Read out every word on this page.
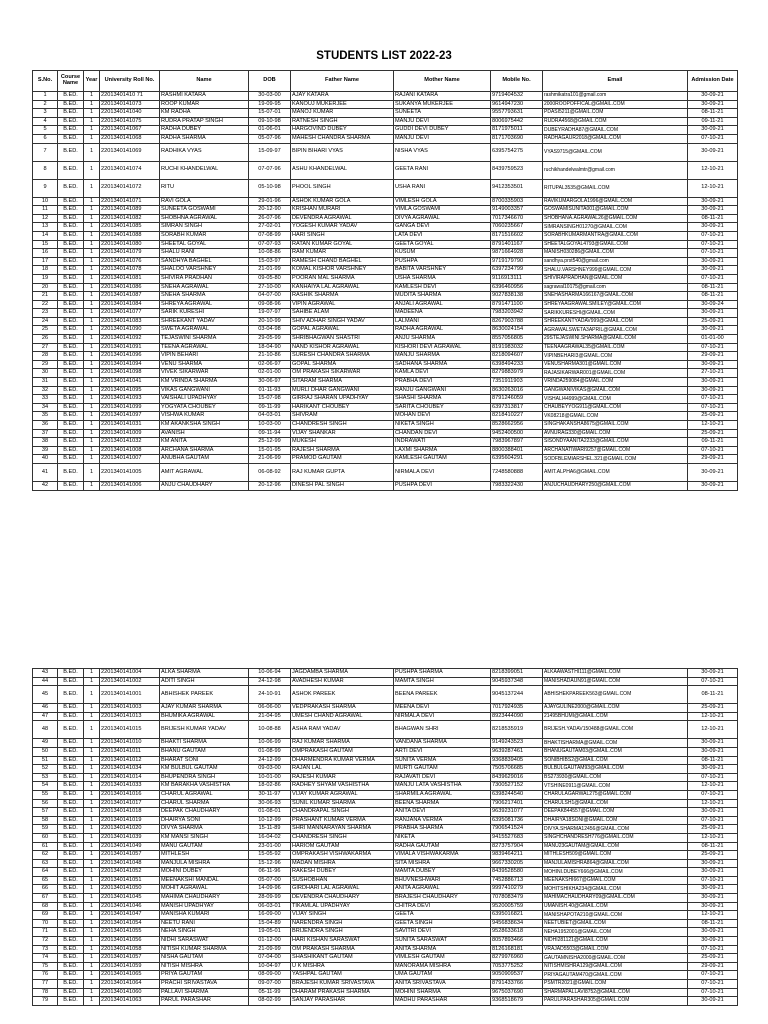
STUDENTS LIST 2022-23
S.No.	Course Name	Year	University Roll No.	Name	DOB	Father Name	Mother Name	Mobile No.	Email	Admission Date
1	B.ED.	1	22013401410 71	RASHMI KATARA	30-03-00	AJAY KATARA	RAJANI KATARA	9719404532	rashmikatra101@gmail.com	30-09-21
2	B.ED.	1	2201340141073	ROOP KUMAR	19-09-95	KANOUJ MUKERJEE	SUKANYA MUKERJEE	9614947230	2000ROOPOFFICAL@GMAIL.COM	30-09-21
3	B.ED.	1	2201340141040	KM RADHA	15-07-01	MANOJ KUMAR	SUNEETA	9557793631	PDASI5211@GMAIL.COM	08-11-21
4	B.ED.	1	2201340141075	RUDRA PRATAP SINGH	09-10-98	RATNESH SINGH	MANJU DEVI	8006975442	RUDRA4568@GMAIL.COM	09-11-21
5	B.ED.	1	2201340141067	RADHA DUBEY	01-06-01	HARGOVIND DUBEY	GUDDI DEVI DUBEY	8171975011	DUBEYRADHA87@GMAIL.COM	30-09-21
6	B.ED.	1	2201340141068	RADHA SHARMA	05-07-96	MAHESH CHANDRA SHARMA	MANJU DEVI	8171703690	RADHAGAUR2018@GMAIL.COM	07-10-21
7	B.ED.	1	2201340141069	RADHIKA VYAS	15-09-97	BIPIN BIHARI VYAS	NISHA VYAS	6395754275	VYAS9715@GMAIL.COM	30-09-21
8	B.ED.	1	2201340141074	RUCHI KHANDELWAL	07-07-96	ASHU KHANDELWAL	GEETA RANI	8439759523	ruchikhandelwalmtr@gmail.com	12-10-21
9	B.ED.	1	2201340141072	RITU	05-10-98	PHOOL SINGH	USHA RANI	9412353501	RITUPAL3535@GMAIL.COM	12-10-21
10	B.ED.	1	2201340141071	RAVI GOLA	29-01-96	ASHOK KUMAR GOLA	VIMLESH GOLA	8700335903	RAVIKUMARGOLA1996@GMAIL.COM	30-09-21
11	B.ED.	1	2201340141089	SUNEETA GOSWAMI	20-12-90	KRISHAN MURARI	VIMLA GOSWAMI	9149003357	GOSWAMISUNITA001@GMAIL.COM	30-09-21
12	B.ED.	1	2201340141082	SHOBHNA AGRAWAL	26-07-96	DEVENDRA AGRAWAL	DIVYA AGRAWAL	7017346670	SHOBHANA.AGRAWAL26@GMAIL.COM	08-11-21
13	B.ED.	1	2201340141085	SIMRAN SINGH	27-02-01	YOGESH KUMAR YADAV	GANGA DEVI	7060235667	SIMRANSINGH01270@GMAIL.COM	30-09-21
14	B.ED.	1	2201340141088	SORABH KUMAR	07-08-99	HARI SINGH	LATA DEVI	8171516602	SORABHKUMARMANTRA@GMAIL.COM	07-10-21
15	B.ED.	1	2201340141080	SHEETAL GOYAL	07-07-93	RATAN KUMAR GOYAL	GEETA GOYAL	8791401167	SHEETALGOYAL4793@GMAIL.COM	07-10-21
16	B.ED.	1	2201340141079	SHALU RANI	10-08-86	RAM KUMAR	KUSUM	9871664928	MANISH030286@GMAIL.COM	07-10-21
17	B.ED.	1	2201340141076	SANDHYA BAGHEL	15-03-97	RAMESH CHAND BAGHEL	PUSHPA	9719179790	sandhya.prst540@gmail.com	30-09-21
18	B.ED.	1	2201340141078	SHALOO VARSHNEY	21-01-99	KOMAL KISHOR VARSHNEY	BABITA VARSHNEY	6397234799	SHALU.VARSHNEY999@GMAIL.COM	30-09-21
19	B.ED.	1	2201340141081	SHIVIRA PRADHAN	09-05-80	POORAN MAL SHARMA	USHA SHARMA	9116913111	SHIVIRAPRADHAN@GMAIL.COM	07-10-21
20	B.ED.	1	2201340141086	SNEHA AGRAWAL	27-10-00	KANHAIYA LAL AGRAWAL	KAMLESH DEVI	6396460956	sagrawal10175@gmail.com	08-11-21
21	B.ED.	1	2201340141087	SNEHA SHARMA	04-07-00	RASHIK SHARMA	MUDITA SHARMA	9027838138	SNEHASHARMA166167@GMAIL.COM	08-11-21
22	B.ED.	1	2201340141084	SHREYA AGRAWAL	09-08-96	VIPIN AGRAWAL	ANJALI AGRAWAL	8791471100	SHREYAAGRAWALSMILEY@GMAIL.COM	30-09-24
23	B.ED.	1	2201340141077	SARIK KURESHI	19-07-97	SAHIBE ALAM	MADEENA	7983203942	SARIKKURESHI@GMAIL.COM	30-09-21
24	B.ED.	1	2201340141083	SHREEKANT YADAV	20-10-99	SHIV ADHAR SINGH YADAV	LALMANI	8267903788	SHREEKANTYADAV999@GMAIL.COM	25-09-21
25	B.ED.	1	2201340141090	SWETA AGRAWAL	03-04-98	GOPAL AGRAWAL	RADHA AGRAWAL	8630024154	AGRAWALSWETA3APRIL@GMAIL.COM	30-09-21
26	B.ED.	1	2201340141092	TEJASWINI SHARMA	29-05-99	SHRIBHAGWAN SHASTRI	ANJU SHARMA	8557056805	29STEJASWINI.SHARMA@GMAIL.COM	01-01-00
27	B.ED.	1	2201340141091	TEENA AGRAWAL	18-04-90	NAND KISHOR AGRAWAL	KISHORI DEVI AGRAWAL	8191983032	TEENAAGRAWAL35@GMAIL.COM	07-10-21
28	B.ED.	1	2201340141096	VIPIN BEHARI	21-10-86	SURESH CHANDRA SHARMA	MANJU SHARMA	8218094607	VIPINBEHARI3@GMAIL.COM	29-09-21
29	B.ED.	1	2201340141094	VENU SHARMA	02-06-97	GOPAL SHARMA	SADHANA SHARMA	6398494233	VENUSHARMA301@GMAIL.COM	30-09-21
30	B.ED.	1	2201340141098	VIVEK SIKARWAR	02-01-00	OM PRAKASH SIKARWAR	KAMLA DEVI	8279883979	RAJASIKARWAR001@GMAIL.COM	27-10-21
31	B.ED.	1	2201340141041	KM VRINDA SHARMA	30-06-97	SITARAM SHARMA	PRABHA DEVI	7351911903	VRINDA259084@GMAIL.COM	30-09-21
32	B.ED.	1	2201340141095	VIKAS GANGWANI	01-11-93	MURLI DHAR GANGWANI	RANJU GANGWANI	8630263016	GANGWANIVIKAS@GMAIL.COM	30-09-21
33	B.ED.	1	2201340141093	VAISHALI UPADHYAY	15-07-98	GIRRAJ SHARAN UPADHYAY	SHASHI SHARMA	8791246059	VISHALI44999@GMAIL.COM	07-10-21
34	B.ED.	1	2201340141099	YOGYATA CHOUBEY	09-11-99	HARIKANT CHOUBEY	SARITA CHOUBEY	6397313817	CHAUBEYYOG911@GMAIL.COM	07-10-21
35	B.ED.	1	2201340141097	VISHWA KUMAR	04-03-01	SHIVRAM	MOHAN DEVI	8218410227	VK08218@GMAIL.COM	25-09-21
36	B.ED.	1	2201340141031	KM AKANKSHA SINGH	10-03-00	CHANDRESH SINGH	NIKETA SINGH	8528662956	SINGHAKANSHA8675@GMAIL.COM	12-10-21
37	B.ED.	1	2201340141009	AVANISH	09-11-94	VIJAY SHANKAR	CHANDAN DEVI	9452400500	AVNURAG330@GMAIL.COM	25-09-21
38	B.ED.	1	2201340141032	KM ANITA	25-12-99	MUKESH	INDRAWATI	7983967897	SISONDYAANITA2233@GMAIL.COM	09-11-21
39	B.ED.	1	2201340141008	ARCHANA SHARMA	15-01-95	RAJESH SHARMA	LAXMI SHARMA	8800388401	ARCHANATIWARI9257@GMAIL.COM	07-10-21
40	B.ED.	1	2201340141007	ANUBHA GAUTAM	21-06-99	PRAMOD GAUTAM	KAMLESH GAUTAM	6395604291	SODFBLEMIARSHEL.321@GMAIL.COM	29-09-21
41	B.ED.	1	2201340141005	AMIT AGRAWAL	06-08-92	RAJ KUMAR GUPTA	NIRMALA DEVI	7248580888	AMIT.ALPHA6@GMAIL.COM	30-09-21
42	B.ED.	1	2201340141006	ANJU CHAUDHARY	20-12-96	DINESH PAL SINGH	PUSHPA DEVI	7983322430	ANJUCHAUDHARY250@GMAIL.COM	30-09-21
43	B.ED.	1	2201340141004	ALKA SHARMA	10-06-94	JAGDAMBA SHARMA	PUSHPA SHARMA	8218399051	ALKAAWASTHI111@GMAIL.COM	30-09-21
44	B.ED.	1	2201340141002	ADITI SINGH	24-12-98	AVADHESH KUMAR	MAMTA SINGH	9045937348	MANISHADAUN91@GMAIL.COM	07-10-21
45	B.ED.	1	2201340141001	ABHISHEK PAREEK	24-10-91	ASHOK PAREEK	BEENA PAREEK	9045137244	ABHISHEKPAREEK563@GMAIL.COM	08-11-21
46	B.ED.	1	2201340141003	AJAY KUMAR SHARMA	06-06-00	VEDPRAKASH SHARMA	MEENA DEVI	7017924935	AJAYGULINE2000@GMAIL.COM	25-09-21
47	B.ED.	1	2201340141013	BHUMIKA AGRAWAL	21-04-95	UMESH CHAND AGRAWAL	NIRMALA DEVI	8923444090	21495BHUMI@GMAIL.COM	12-10-21
48	B.ED.	1	2201340141015	BRIJESH KUMAR YADAV	10-08-88	ASHA RAM YADAV	BHAGWAN SHRI	8218535919	BRIJESH.YADAV150488@GMAIL.COM	12-10-21
49	B.ED.	1	2201340141010	BHAKTI SHARMA	10-06-99	RAJ KUMAR SHARMA	VANDANA SHARMA	9149243523	BHAKTISHARMA@GMAIL.COM	30-09-21
50	B.ED.	1	2201340141011	BHANU GAUTAM	01-08-99	OMPRAKASH GAUTAM	ARTI DEVI	9639287461	BHANUGAUTAM03@GMAIL.COM	30-09-21
51	B.ED.	1	2201340141012	BHARAT SONI	24-12-99	DHARMENDRA KUMAR VERMA	SUNITA VERMA	9368839405	SONIBHIBS2@GMAIL.COM	08-11-21
52	B.ED.	1	2201340141034	KM BULBUL GAUTAM	09-03-00	RAJAN LAL	MURTI GAUTAM	7505706685	BULBULGAUTAM93@GMAIL.COM	30-09-21
53	B.ED.	1	2201340141014	BHUPENDRA SINGH	10-01-00	RAJESH KUMAR	RAJAVATI DEVI	8439629016	BS273930@GMAIL.COM	07-10-21
54	B.ED.	1	2201340141033	KM BARAKHA VASHISTHA	18-02-86	RADHEY SHYAM VASHISTHA	MANJU LATA VASHISTHA	7300527152	VTSHINE0911@GMAIL.COM	12-10-21
55	B.ED.	1	2201340141016	CHARUL AGRAWAL	30-11-97	VIJAY KUMAR AGRAWAL	SHARMILA AGRAWAL	6398244540	CHARULAGARWAL275@GMAIL.COM	07-10-21
56	B.ED.	1	2201340141017	CHARUL SHARMA	30-06-93	SUNIL KUMAR SHARMA	BEENA SHARMA	7906217401	CHARULSH1@GMAIL.COM	12-10-21
57	B.ED.	1	2201340141018	DEEPAK CHAUDHARY	01-08-01	CHANDRAPAL SINGH	ANITA DEVI	9639231077	DEEPAK844557@GMAIL.COM	30-09-21
58	B.ED.	1	2201340141019	DHAIRYA SONI	10-12-99	PRASHANT KUMAR VERMA	RANJANA VERMA	6395081736	DHAIRYA18SONI@GMAIL.COM	07-10-21
59	B.ED.	1	2201340141020	DIVYA SHARMA	15-11-89	SHRI MANNARAYAN SHARMA	PRABHA SHARMA	7906541524	DIVYA.SHARMA12456@GMAIL.COM	25-09-21
60	B.ED.	1	2201340141039	KM MANSI SINGH	16-04-02	CHANDRESH SINGH	NIKETA	9415527683	SINGHCHANDRESH776@GMAIL.COM	12-10-21
61	B.ED.	1	2201340141049	MANU GAUTAM	23-01-00	HARIOM GAUTAM	RADHA GAUTAM	8273757904	MANU23GAUTAM@GMAIL.COM	08-11-21
62	B.ED.	1	2201340141057	MITHLESH	15-05-92	OMPRAKASH VISHWAKARMA	VIMALA VISHWAKARMA	9839464211	MITHLESH509@GMAIL.COM	25-09-21
63	B.ED.	1	2201340141048	MANJULA MISHRA	15-12-96	MADAN MISHRA	SITA MISHRA	9667330205	MANJULAMISHRA864@GMAIL.COM	30-09-21
64	B.ED.	1	2201340141052	MOHINI DUBEY	06-11-96	RAKESH DUBEY	MAMTA DUBEY	8439528580	MOHINI.DUBEY666@GMAIL.COM	30-09-21
65	B.ED.	1	2201340141051	MEENAKSHI MANDAL	05-07-00	SUSHOBHAN	BHUVNESHWARI	7452886713	MEENAKSHI667@GMAIL.COM	07-10-21
66	B.ED.	1	2201340141050	MOHIT AGRAWAL	14-09-96	GIRDHARI LAL AGRAWAL	ANITA AGRAWAL	9997410279	MOHITSHIKHA234@GMAIL.COM	30-09-21
67	B.ED.	1	2201340141045	MAHIMA CHAUDHARY	28-09-99	DEVENDRA CHAUDHARY	BRAJESH CHAUDHARY	7078083479	MAHIMACHAUDHARY09@GMAIL.COM	30-09-21
68	B.ED.	1	2201340141046	MANISH UPADHYAY	06-03-01	TIKAMLAL UPADHYAY	CHITRA DEVI	9520005759	UMANISH.40@GMAIL.COM	30-09-21
69	B.ED.	1	2201340141047	MANISHA KUMARI	16-09-00	VIJAY SINGH	GEETA	6395016821	MANISHAPOTA210@GMAIL.COM	12-10-21
70	B.ED.	1	2201340141054	NEETU RANI	15-04-89	NARENDRA SINGH	GEETA SINGH	9456838634	NEETUBIET@GMAIL.COM	08-11-21
71	B.ED.	1	2201340141055	NEHA SINGH	19-05-01	BRIJENDRA SINGH	SAVITRI DEVI	9528633618	NEHA1952001@GMAIL.COM	30-09-21
72	B.ED.	1	2201340141056	NIDHI SARASWAT	01-12-00	HARI KISHAN SARASWAT	SUNITA SARASWAT	8057893466	NIDHI281121@GMAIL.COM	30-09-21
73	B.ED.	1	2201340141058	NITISH KUMAR SHARMA	21-09-99	OM PRAKASH SHARMA	ANITA SHARMA	8126168181	VRAJAD5503@GMAIL.COM	07-10-21
74	B.ED.	1	2201340141057	NISHA GAUTAM	07-04-00	SHASHIKANT GAUTAM	VIMLESH GAUTAM	8279976960	GAUTAMNISHA2000@GMAIL.COM	25-09-21
75	B.ED.	1	2201340141059	NITISH MISHRA	10-04-97	U K MISHRA	MANORAMA MISHRA	7053775252	NITISHMISHRA129@GMAIL.COM	29-09-21
76	B.ED.	1	2201340141065	PRIYA GAUTAM	08-09-00	YASHPAL GAUTAM	UMA GAUTAM	9050909537	PRIYAGAUTAM470@GMAIL.COM	07-10-21
77	B.ED.	1	2201340141064	PRACHI SRIVASTAVA	09-07-00	BRAJESH KUMAR SRIVASTAVA	ANITA SRIVASTAVA	8791433766	PSMTR2021@GMAIL.COM	07-10-21
78	B.ED.	1	2201340141060	PALLAVI SHARMA	05-11-99	DHARAM PRAKASH SHARMA	MOHINI SHARMA	9675037690	SHARMAPALLAVI8752@GMAIL.COM	07-10-21
79	B.ED.	1	2201340141063	PARUL PARASHAR	08-02-99	SANJAY PARASHAR	MADHU PARASHAR	9368518679	PARULPARASHAR305@GMAIL.COM	30-09-21
